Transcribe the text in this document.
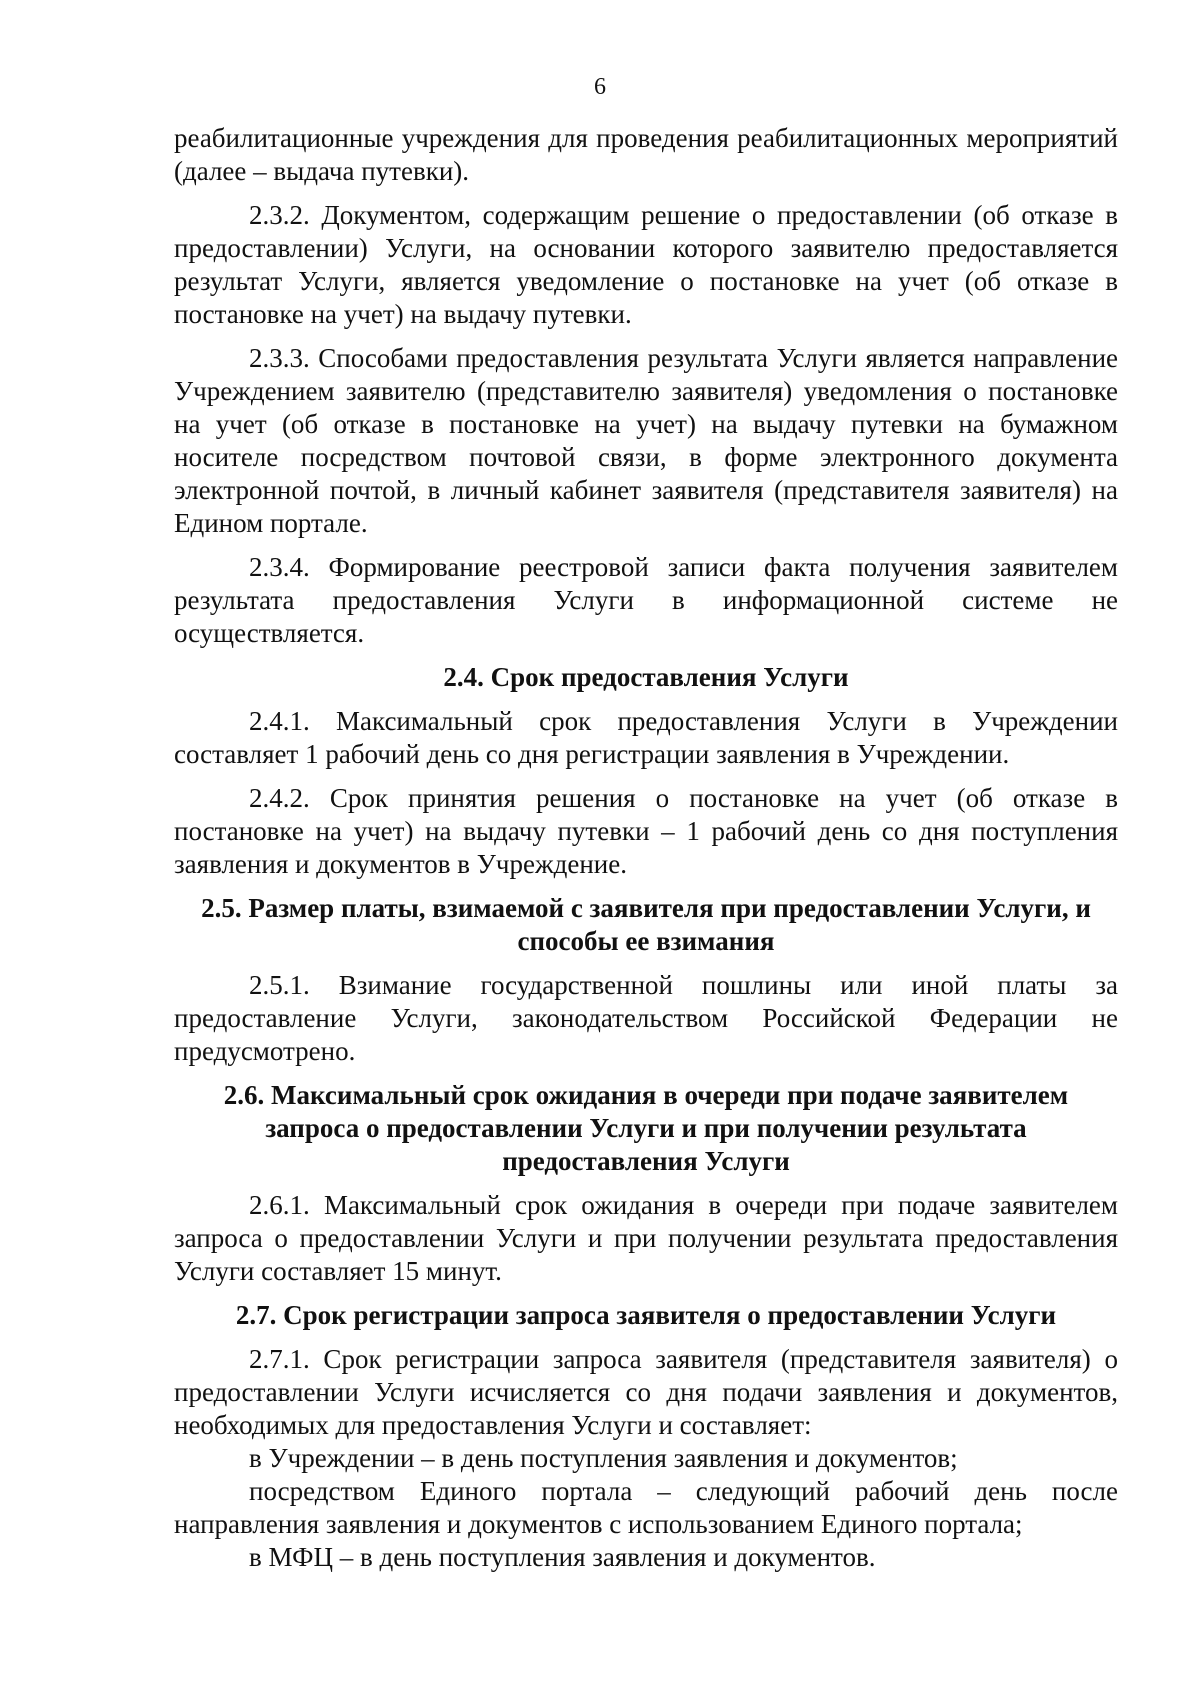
6

реабилитационные учреждения для проведения реабилитационных мероприятий (далее – выдача путевки).

2.3.2. Документом, содержащим решение о предоставлении (об отказе в предоставлении) Услуги, на основании которого заявителю предоставляется результат Услуги, является уведомление о постановке на учет (об отказе в постановке на учет) на выдачу путевки.

2.3.3. Способами предоставления результата Услуги является направление Учреждением заявителю (представителю заявителя) уведомления о постановке на учет (об отказе в постановке на учет) на выдачу путевки на бумажном носителе посредством почтовой связи, в форме электронного документа электронной почтой, в личный кабинет заявителя (представителя заявителя) на Едином портале.

2.3.4. Формирование реестровой записи факта получения заявителем результата предоставления Услуги в информационной системе не осуществляется.

2.4. Срок предоставления Услуги

2.4.1. Максимальный срок предоставления Услуги в Учреждении составляет 1 рабочий день со дня регистрации заявления в Учреждении.

2.4.2. Срок принятия решения о постановке на учет (об отказе в постановке на учет) на выдачу путевки – 1 рабочий день со дня поступления заявления и документов в Учреждение.

2.5. Размер платы, взимаемой с заявителя при предоставлении Услуги, и способы ее взимания

2.5.1. Взимание государственной пошлины или иной платы за предоставление Услуги, законодательством Российской Федерации не предусмотрено.

2.6. Максимальный срок ожидания в очереди при подаче заявителем запроса о предоставлении Услуги и при получении результата предоставления Услуги

2.6.1. Максимальный срок ожидания в очереди при подаче заявителем запроса о предоставлении Услуги и при получении результата предоставления Услуги составляет 15 минут.

2.7. Срок регистрации запроса заявителя о предоставлении Услуги

2.7.1. Срок регистрации запроса заявителя (представителя заявителя) о предоставлении Услуги исчисляется со дня подачи заявления и документов, необходимых для предоставления Услуги и составляет:

в Учреждении – в день поступления заявления и документов;

посредством Единого портала – следующий рабочий день после направления заявления и документов с использованием Единого портала;

в МФЦ – в день поступления заявления и документов.
